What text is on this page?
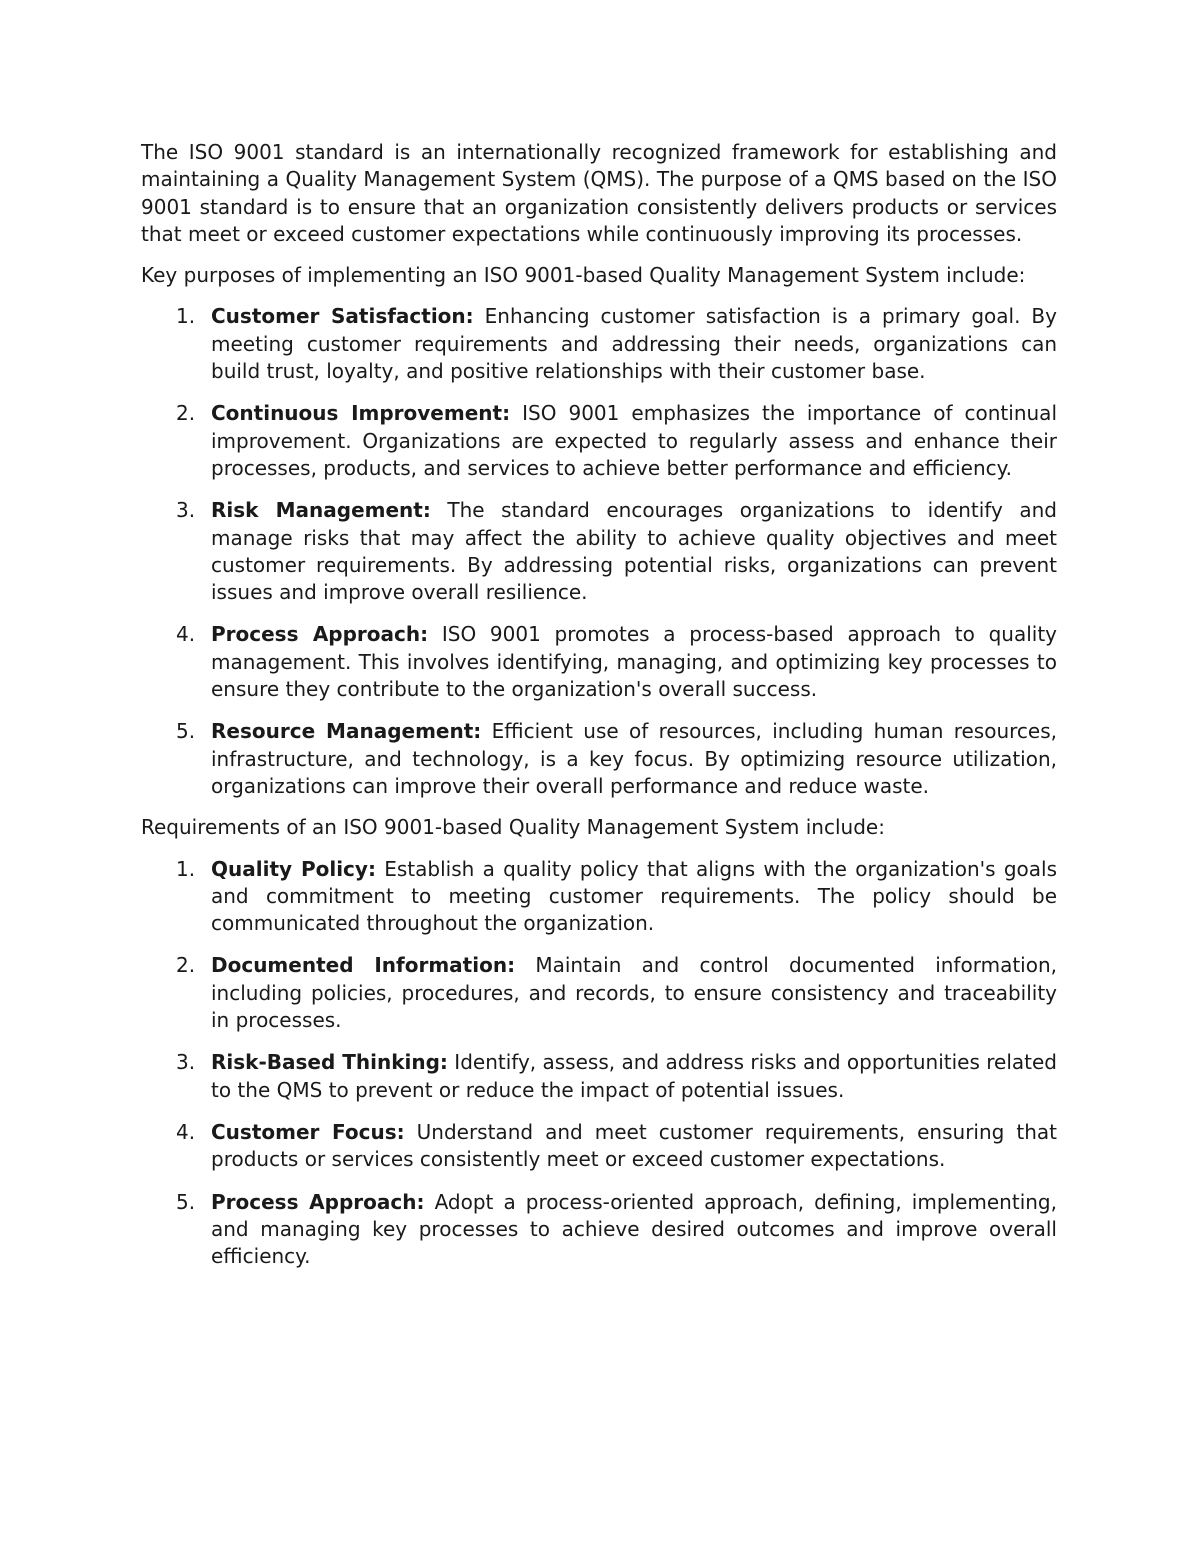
The ISO 9001 standard is an internationally recognized framework for establishing and maintaining a Quality Management System (QMS). The purpose of a QMS based on the ISO 9001 standard is to ensure that an organization consistently delivers products or services that meet or exceed customer expectations while continuously improving its processes.

Key purposes of implementing an ISO 9001-based Quality Management System include:

1. Customer Satisfaction: Enhancing customer satisfaction is a primary goal. By meeting customer requirements and addressing their needs, organizations can build trust, loyalty, and positive relationships with their customer base.
2. Continuous Improvement: ISO 9001 emphasizes the importance of continual improvement. Organizations are expected to regularly assess and enhance their processes, products, and services to achieve better performance and efficiency.
3. Risk Management: The standard encourages organizations to identify and manage risks that may affect the ability to achieve quality objectives and meet customer requirements. By addressing potential risks, organizations can prevent issues and improve overall resilience.
4. Process Approach: ISO 9001 promotes a process-based approach to quality management. This involves identifying, managing, and optimizing key processes to ensure they contribute to the organization's overall success.
5. Resource Management: Efficient use of resources, including human resources, infrastructure, and technology, is a key focus. By optimizing resource utilization, organizations can improve their overall performance and reduce waste.

Requirements of an ISO 9001-based Quality Management System include:

1. Quality Policy: Establish a quality policy that aligns with the organization's goals and commitment to meeting customer requirements. The policy should be communicated throughout the organization.
2. Documented Information: Maintain and control documented information, including policies, procedures, and records, to ensure consistency and traceability in processes.
3. Risk-Based Thinking: Identify, assess, and address risks and opportunities related to the QMS to prevent or reduce the impact of potential issues.
4. Customer Focus: Understand and meet customer requirements, ensuring that products or services consistently meet or exceed customer expectations.
5. Process Approach: Adopt a process-oriented approach, defining, implementing, and managing key processes to achieve desired outcomes and improve overall efficiency.
